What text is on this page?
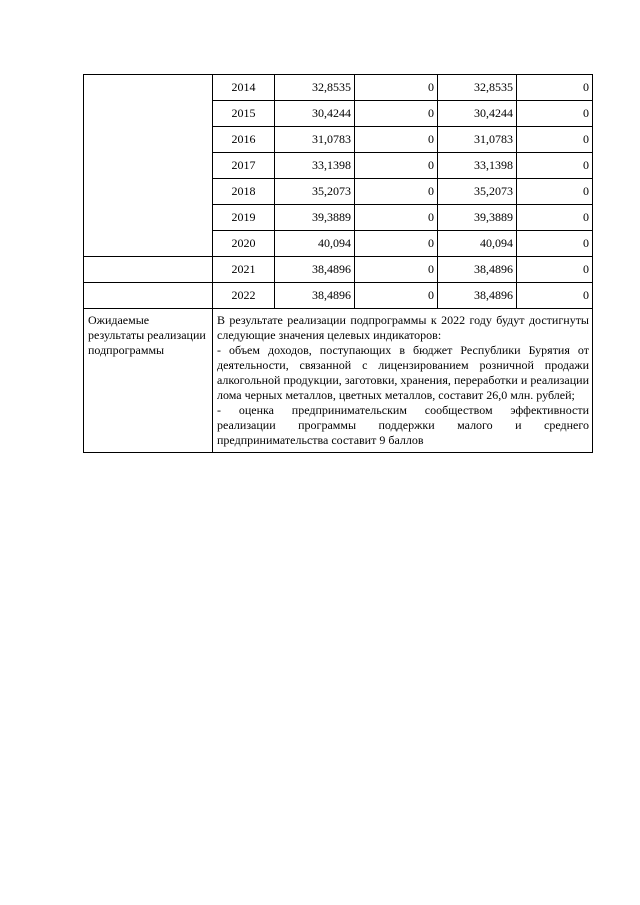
	2014	32,8535	0	32,8535	0
	2015	30,4244	0	30,4244	0
	2016	31,0783	0	31,0783	0
	2017	33,1398	0	33,1398	0
	2018	35,2073	0	35,2073	0
	2019	39,3889	0	39,3889	0
	2020	40,094	0	40,094	0
	2021	38,4896	0	38,4896	0
	2022	38,4896	0	38,4896	0
Ожидаемые результаты реализации подпрограммы	В результате реализации подпрограммы к 2022 году будут достигнуты следующие значения целевых индикаторов:
- объем доходов, поступающих в бюджет Республики Бурятия от деятельности, связанной с лицензированием розничной продажи алкогольной продукции, заготовки, хранения, переработки и реализации лома черных металлов, цветных металлов, составит 26,0 млн. рублей;
- оценка предпринимательским сообществом эффективности реализации программы поддержки малого и среднего предпринимательства составит 9 баллов				
